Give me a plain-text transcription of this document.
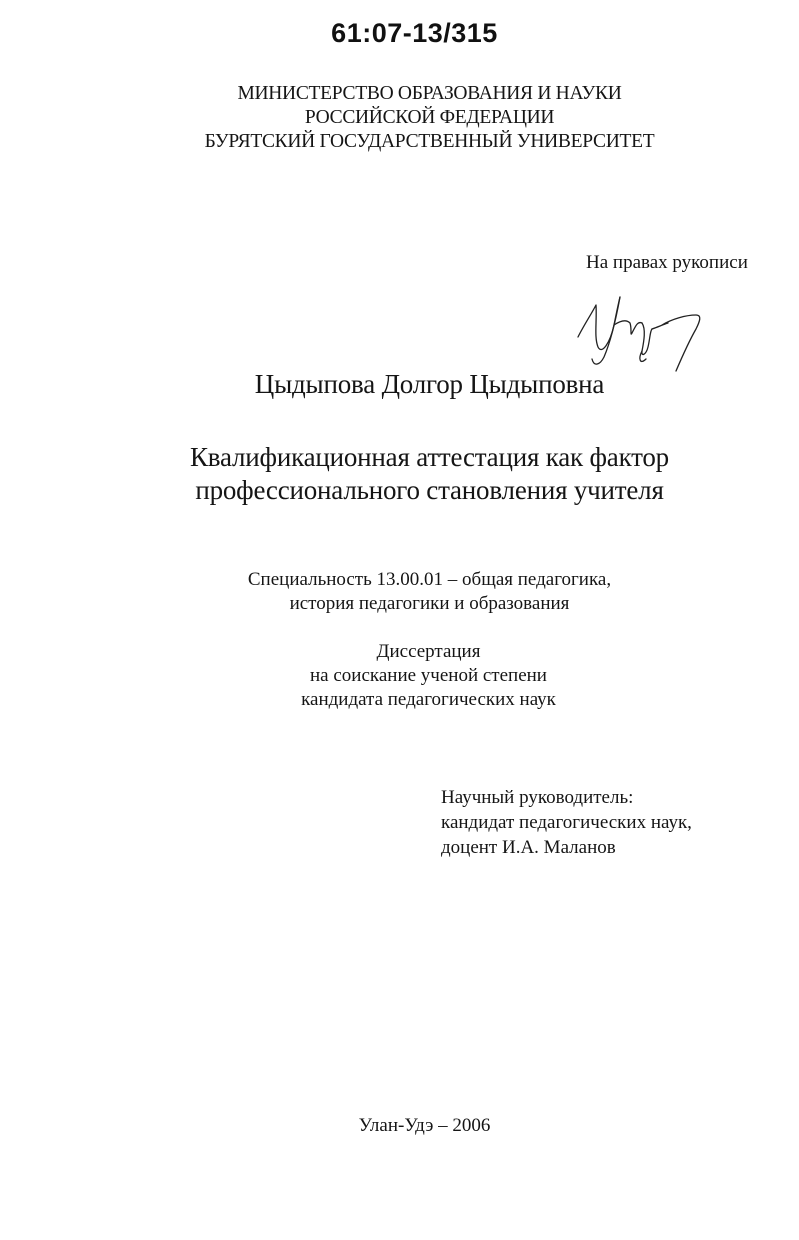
61:07-13/315
МИНИСТЕРСТВО ОБРАЗОВАНИЯ И НАУКИ
РОССИЙСКОЙ ФЕДЕРАЦИИ
БУРЯТСКИЙ ГОСУДАРСТВЕННЫЙ УНИВЕРСИТЕТ
На правах рукописи
Цыдыпова Долгор Цыдыповна
Квалификационная аттестация как фактор
профессионального становления учителя
Специальность 13.00.01 – общая педагогика,
история педагогики и образования
Диссертация
на соискание ученой степени
кандидата педагогических наук
Научный руководитель:
кандидат педагогических наук,
доцент И.А. Маланов
Улан-Удэ – 2006
